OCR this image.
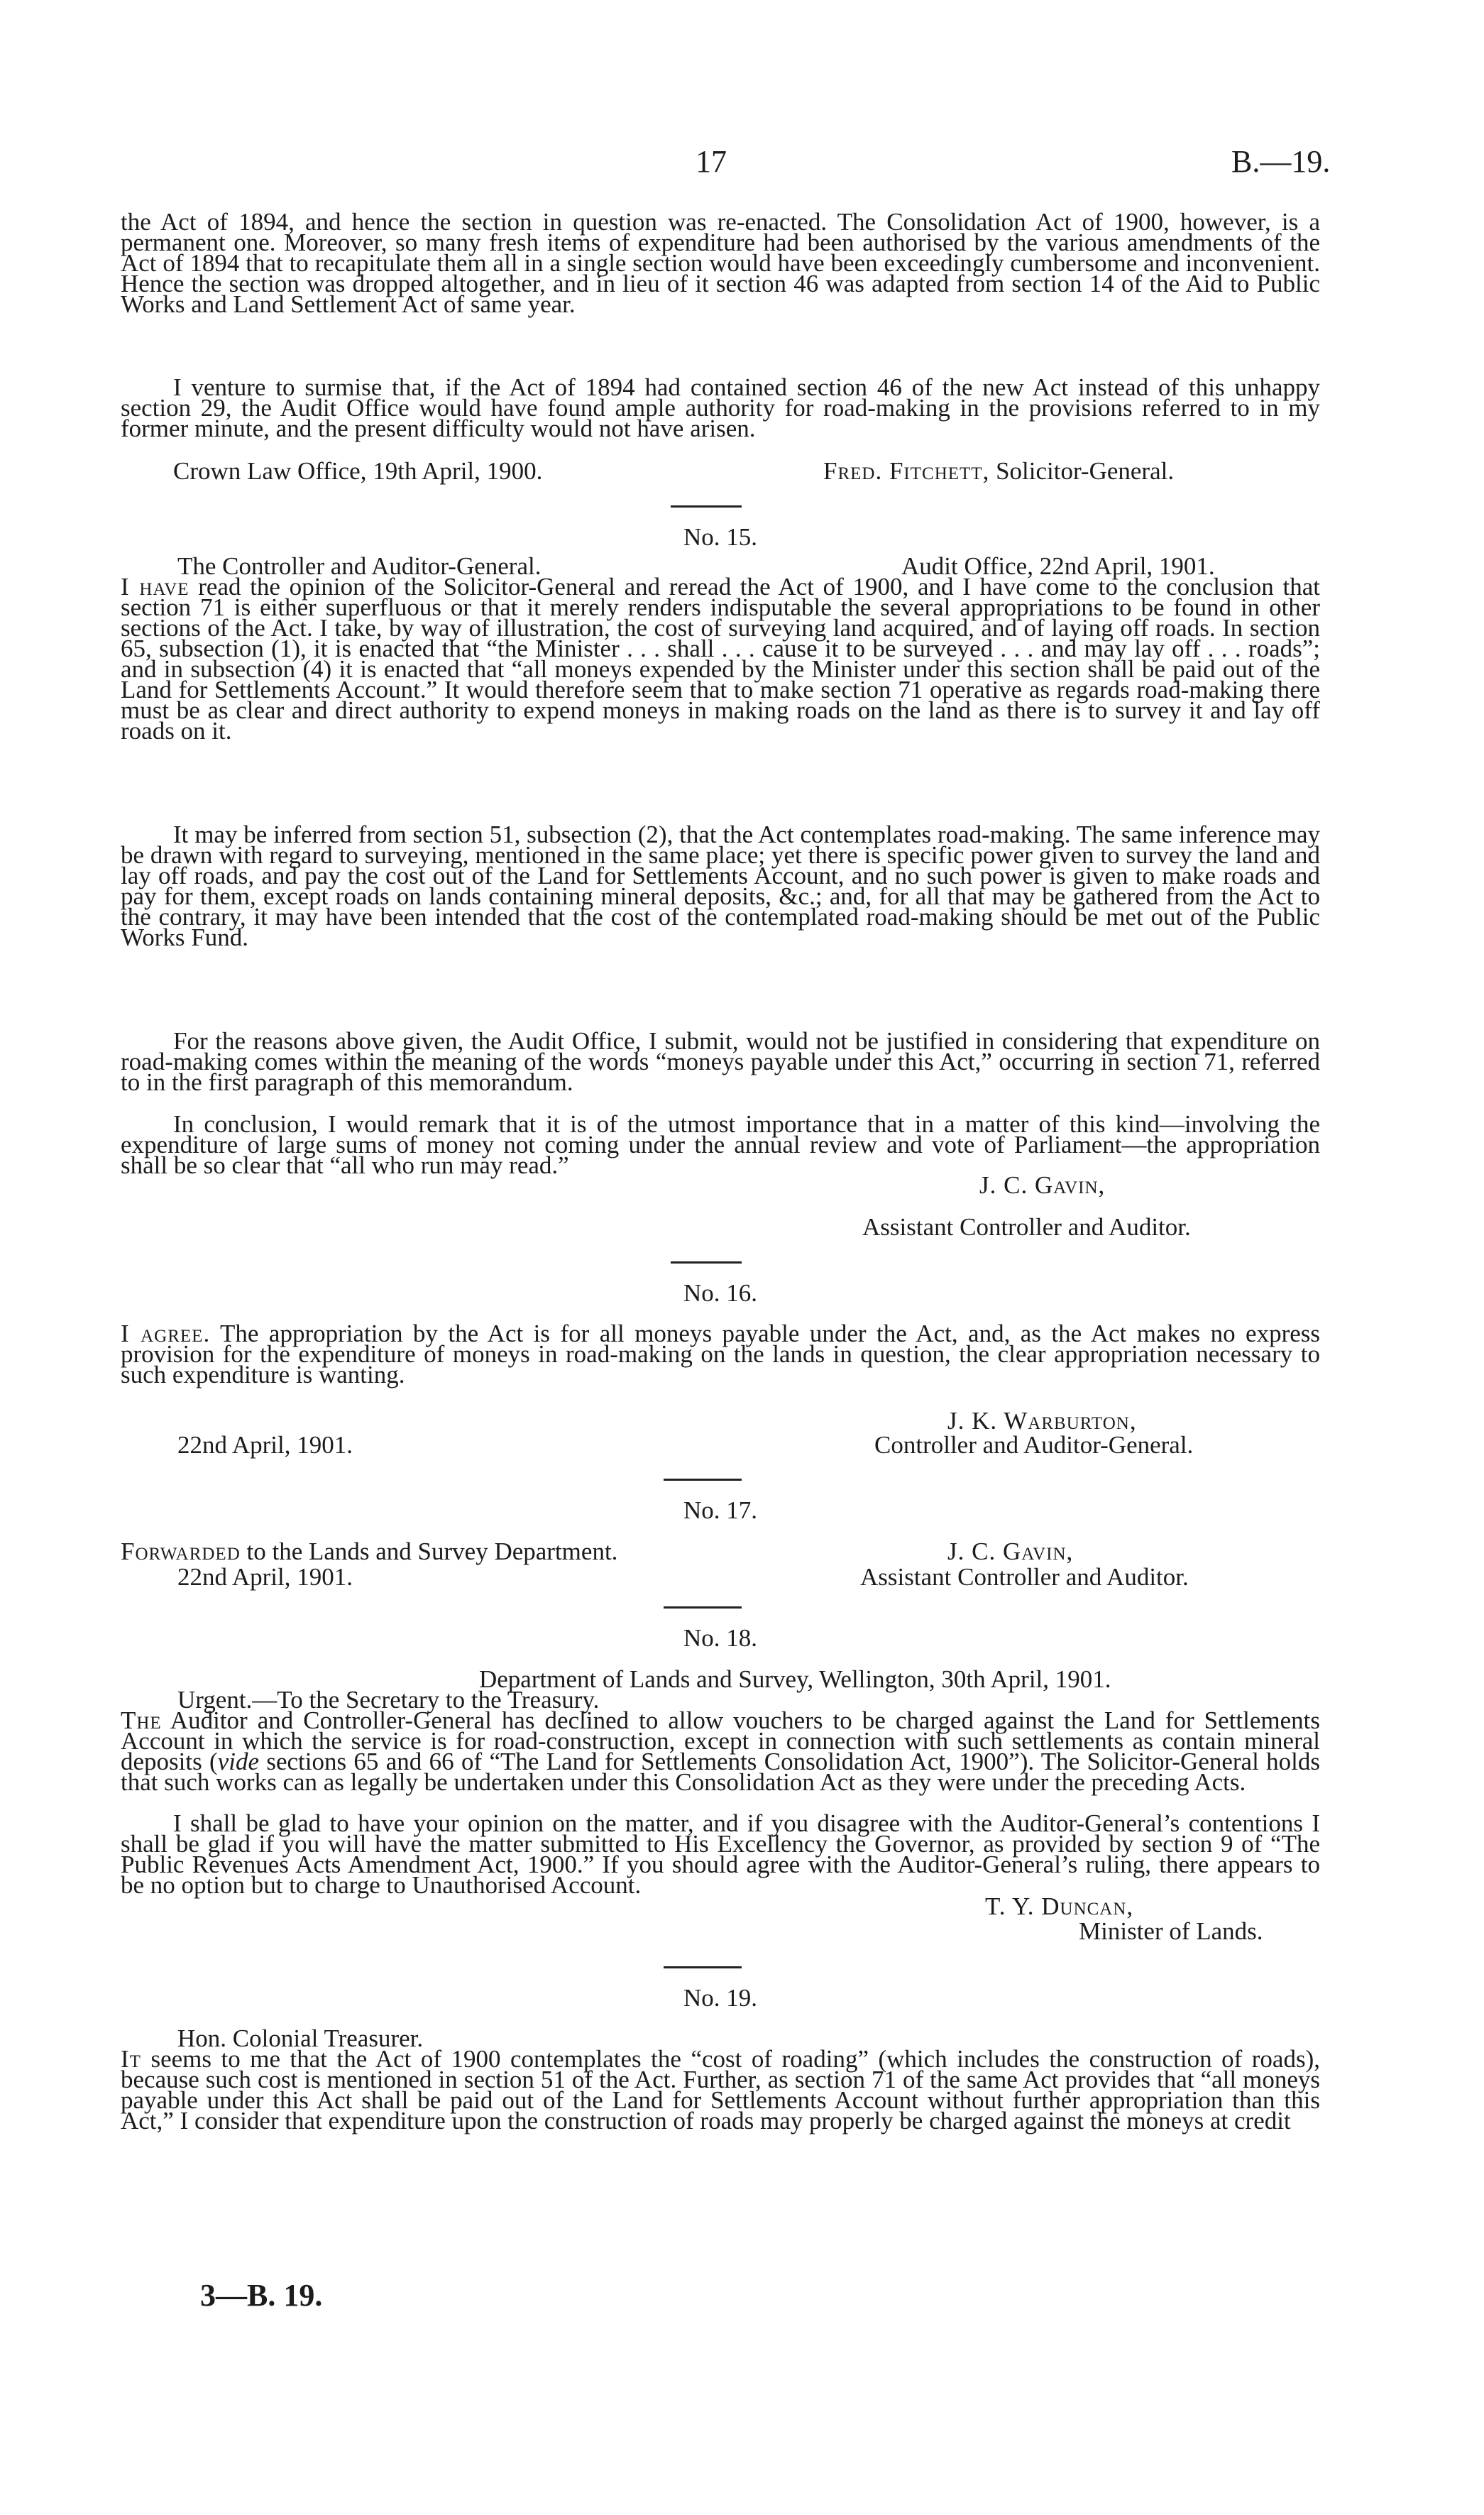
17	B.—19.

the Act of 1894, and hence the section in question was re-enacted. The Consolidation Act of 1900, however, is a permanent one. Moreover, so many fresh items of expenditure had been authorised by the various amendments of the Act of 1894 that to recapitulate them all in a single section would have been exceedingly cumbersome and inconvenient. Hence the section was dropped altogether, and in lieu of it section 46 was adapted from section 14 of the Aid to Public Works and Land Settlement Act of same year.

I venture to surmise that, if the Act of 1894 had contained section 46 of the new Act instead of this unhappy section 29, the Audit Office would have found ample authority for road-making in the provisions referred to in my former minute, and the present difficulty would not have arisen.

Crown Law Office, 19th April, 1900.	Fred. Fitchett, Solicitor-General.
No. 15.
The Controller and Auditor-General.	Audit Office, 22nd April, 1901.

I have read the opinion of the Solicitor-General and reread the Act of 1900, and I have come to the conclusion that section 71 is either superfluous or that it merely renders indisputable the several appropriations to be found in other sections of the Act. I take, by way of illustration, the cost of surveying land acquired, and of laying off roads. In section 65, subsection (1), it is enacted that “the Minister . . . shall . . . cause it to be surveyed . . . and may lay off . . . roads”; and in subsection (4) it is enacted that “all moneys expended by the Minister under this section shall be paid out of the Land for Settlements Account.” It would therefore seem that to make section 71 operative as regards road-making there must be as clear and direct authority to expend moneys in making roads on the land as there is to survey it and lay off roads on it.

It may be inferred from section 51, subsection (2), that the Act contemplates road-making. The same inference may be drawn with regard to surveying, mentioned in the same place; yet there is specific power given to survey the land and lay off roads, and pay the cost out of the Land for Settlements Account, and no such power is given to make roads and pay for them, except roads on lands containing mineral deposits, &c.; and, for all that may be gathered from the Act to the contrary, it may have been intended that the cost of the contemplated road-making should be met out of the Public Works Fund.

For the reasons above given, the Audit Office, I submit, would not be justified in considering that expenditure on road-making comes within the meaning of the words “moneys payable under this Act,” occurring in section 71, referred to in the first paragraph of this memorandum.

In conclusion, I would remark that it is of the utmost importance that in a matter of this kind—involving the expenditure of large sums of money not coming under the annual review and vote of Parliament—the appropriation shall be so clear that “all who run may read.”

J. C. Gavin,
Assistant Controller and Auditor.
No. 16.

I agree. The appropriation by the Act is for all moneys payable under the Act, and, as the Act makes no express provision for the expenditure of moneys in road-making on the lands in question, the clear appropriation necessary to such expenditure is wanting.

J. K. Warburton,
22nd April, 1901.	Controller and Auditor-General.
No. 17.
Forwarded to the Lands and Survey Department.	J. C. Gavin,
22nd April, 1901.	Assistant Controller and Auditor.
No. 18.
Department of Lands and Survey, Wellington, 30th April, 1901.
Urgent.—To the Secretary to the Treasury.

The Auditor and Controller-General has declined to allow vouchers to be charged against the Land for Settlements Account in which the service is for road-construction, except in connection with such settlements as contain mineral deposits (vide sections 65 and 66 of “The Land for Settlements Consolidation Act, 1900”). The Solicitor-General holds that such works can as legally be undertaken under this Consolidation Act as they were under the preceding Acts.

I shall be glad to have your opinion on the matter, and if you disagree with the Auditor-General’s contentions I shall be glad if you will have the matter submitted to His Excellency the Governor, as provided by section 9 of “The Public Revenues Acts Amendment Act, 1900.” If you should agree with the Auditor-General’s ruling, there appears to be no option but to charge to Unauthorised Account.

T. Y. Duncan,
Minister of Lands.
No. 19.
Hon. Colonial Treasurer.

It seems to me that the Act of 1900 contemplates the “cost of roading” (which includes the construction of roads), because such cost is mentioned in section 51 of the Act. Further, as section 71 of the same Act provides that “all moneys payable under this Act shall be paid out of the Land for Settlements Account without further appropriation than this Act,” I consider that expenditure upon the construction of roads may properly be charged against the moneys at credit

3—B. 19.
